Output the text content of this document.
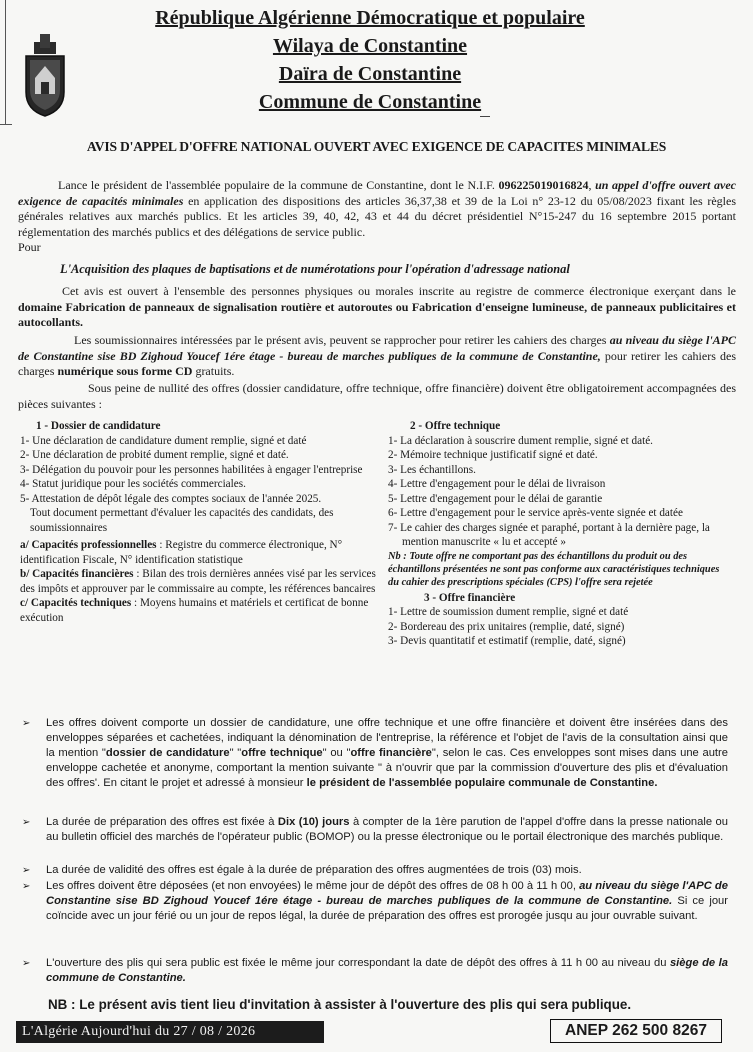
République Algérienne Démocratique et populaire
Wilaya de Constantine
Daïra de Constantine
Commune de Constantine
AVIS D'APPEL D'OFFRE NATIONAL OUVERT AVEC EXIGENCE DE CAPACITES MINIMALES
Lance le président de l'assemblée populaire de la commune de Constantine, dont le N.I.F. 096225019016824, un appel d'offre ouvert avec exigence de capacités minimales en application des dispositions des articles 36,37,38 et 39 de la Loi n° 23-12 du 05/08/2023 fixant les règles générales relatives aux marchés publics. Et les articles 39, 40, 42, 43 et 44 du décret présidentiel N°15-247 du 16 septembre 2015 portant réglementation des marchés publics et des délégations de service public.
Pour
L'Acquisition des plaques de baptisations et de numérotations pour l'opération d'adressage national
Cet avis est ouvert à l'ensemble des personnes physiques ou morales inscrite au registre de commerce électronique exerçant dans le domaine Fabrication de panneaux de signalisation routière et autoroutes ou Fabrication d'enseigne lumineuse, de panneaux publicitaires et autocollants.
Les soumissionnaires intéressées par le présent avis, peuvent se rapprocher pour retirer les cahiers des charges au niveau du siège l'APC de Constantine sise BD Zighoud Youcef 1ére étage - bureau de marches publiques de la commune de Constantine, pour retirer les cahiers des charges numérique sous forme CD gratuits.
Sous peine de nullité des offres (dossier candidature, offre technique, offre financière) doivent être obligatoirement accompagnées des pièces suivantes :
1 - Dossier de candidature
1- Une déclaration de candidature dument remplie, signé et daté
2- Une déclaration de probité dument remplie, signé et daté.
3- Délégation du pouvoir pour les personnes habilitées à engager l'entreprise
4- Statut juridique pour les sociétés commerciales.
5- Attestation de dépôt légale des comptes sociaux de l'année 2025.
Tout document permettant d'évaluer les capacités des candidats, des soumissionnaires
a/ Capacités professionnelles : Registre du commerce électronique, N° identification Fiscale, N° identification statistique
b/ Capacités financières : Bilan des trois dernières années visé par les services des impôts et approuver par le commissaire au compte, les références bancaires
c/ Capacités techniques : Moyens humains et matériels et certificat de bonne exécution
2 - Offre technique
1- La déclaration à souscrire dument remplie, signé et daté.
2- Mémoire technique justificatif signé et daté.
3- Les échantillons.
4- Lettre d'engagement pour le délai de livraison
5- Lettre d'engagement pour le délai de garantie
6- Lettre d'engagement pour le service après-vente signée et datée
7- Le cahier des charges signée et paraphé, portant à la dernière page, la mention manuscrite « lu et accepté »
Nb : Toute offre ne comportant pas des échantillons du produit ou des échantillons présentées ne sont pas conforme aux caractéristiques techniques du cahier des prescriptions spéciales (CPS) l'offre sera rejetée
3 - Offre financière
1- Lettre de soumission dument remplie, signé et daté
2- Bordereau des prix unitaires (remplie, daté, signé)
3- Devis quantitatif et estimatif (remplie, daté, signé)
➢ Les offres doivent comporte un dossier de candidature, une offre technique et une offre financière et doivent être insérées dans des enveloppes séparées et cachetées, indiquant la dénomination de l'entreprise, la référence et l'objet de l'avis de la consultation ainsi que la mention "dossier de candidature" "offre technique" ou "offre financière", selon le cas. Ces enveloppes sont mises dans une autre enveloppe cachetée et anonyme, comportant la mention suivante " à n'ouvrir que par la commission d'ouverture des plis et d'évaluation des offres'. En citant le projet et adressé à monsieur le président de l'assemblée populaire communale de Constantine.
➢ La durée de préparation des offres est fixée à Dix (10) jours à compter de la 1ère parution de l'appel d'offre dans la presse nationale ou au bulletin officiel des marchés de l'opérateur public (BOMOP) ou la presse électronique ou le portail électronique des marchés publique.
➢ La durée de validité des offres est égale à la durée de préparation des offres augmentées de trois (03) mois.
➢ Les offres doivent être déposées (et non envoyées) le même jour de dépôt des offres de 08 h 00 à 11 h 00, au niveau du siège l'APC de Constantine sise BD Zighoud Youcef 1ére étage - bureau de marches publiques de la commune de Constantine. Si ce jour coïncide avec un jour férié ou un jour de repos légal, la durée de préparation des offres est prorogée jusqu au jour ouvrable suivant.
➢ L'ouverture des plis qui sera public est fixée le même jour correspondant la date de dépôt des offres à 11 h 00 au niveau du siège de la commune de Constantine.
NB : Le présent avis tient lieu d'invitation à assister à l'ouverture des plis qui sera publique.
L'Algérie Aujourd'hui du 27 / 08 / 2026	ANEP 262 500 8267
